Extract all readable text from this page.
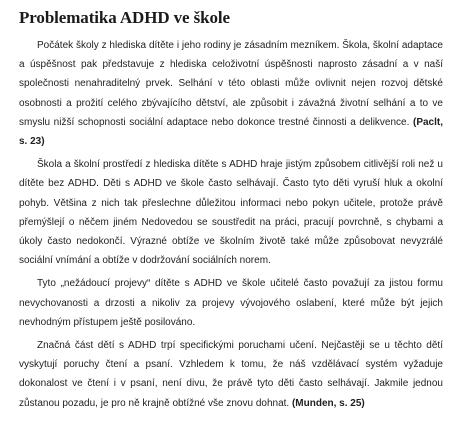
Problematika ADHD ve škole

Počátek školy z hlediska dítěte i jeho rodiny je zásadním mezníkem. Škola, školní adaptace a úspěšnost pak představuje z hlediska celoživotní úspěšnosti naprosto zásadní a v naší společnosti nenahraditelný prvek. Selhání v této oblasti může ovlivnit nejen rozvoj dětské osobnosti a prožití celého zbývajícího dětství, ale způsobit i závažná životní selhání a to ve smyslu nižší schopnosti sociální adaptace nebo dokonce trestné činnosti a delikvence. (Paclt, s. 23)

Škola a školní prostředí z hlediska dítěte s ADHD hraje jistým způsobem citlivější roli než u dítěte bez ADHD. Děti s ADHD ve škole často selhávají. Často tyto děti vyruší hluk a okolní pohyb. Většina z nich tak přeslechne důležitou informaci nebo pokyn učitele, protože právě přemýšlejí o něčem jiném Nedovedou se soustředit na práci, pracují povrchně, s chybami a úkoly často nedokončí. Výrazné obtíže ve školním životě také může způsobovat nevyzrálé sociální vnímání a obtíže v dodržování sociálních norem.

Tyto „nežádoucí projevy“ dítěte s ADHD ve škole učitelé často považují za jistou formu nevychovanosti a drzosti a nikoliv za projevy vývojového oslabení, které může být jejich nevhodným přístupem ještě posilováno.

Značná část dětí s ADHD trpí specifickými poruchami učení. Nejčastěji se u těchto dětí vyskytují poruchy čtení a psaní. Vzhledem k tomu, že náš vzdělávací systém vyžaduje dokonalost ve čtení i v psaní, není divu, že právě tyto děti často selhávají. Jakmile jednou zůstanou pozadu, je pro ně krajně obtížné vše znovu dohnat. (Munden, s. 25)
